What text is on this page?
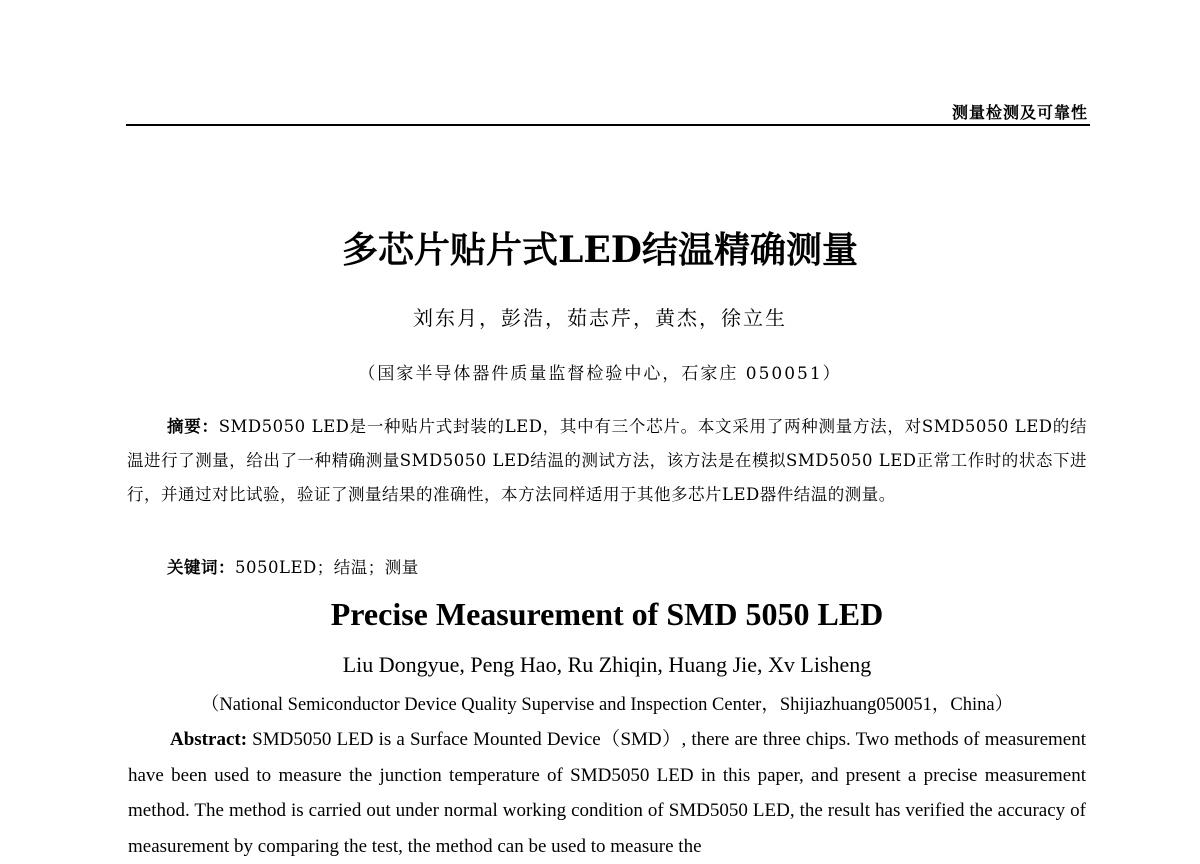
测量检测及可靠性
多芯片贴片式LED结温精确测量
刘东月，彭浩，茹志芹，黄杰，徐立生
（国家半导体器件质量监督检验中心，石家庄 050051）
摘要：SMD5050 LED是一种贴片式封装的LED，其中有三个芯片。本文采用了两种测量方法，对SMD5050 LED的结温进行了测量，给出了一种精确测量SMD5050 LED结温的测试方法，该方法是在模拟SMD5050 LED正常工作时的状态下进行，并通过对比试验，验证了测量结果的准确性，本方法同样适用于其他多芯片LED器件结温的测量。
关键词：5050LED；结温；测量
Precise Measurement of SMD 5050 LED
Liu Dongyue, Peng Hao, Ru Zhiqin, Huang Jie, Xv Lisheng
（National Semiconductor Device Quality Supervise and Inspection Center，Shijiazhuang050051，China）
Abstract: SMD5050 LED is a Surface Mounted Device（SMD）, there are three chips. Two methods of measurement have been used to measure the junction temperature of SMD5050 LED in this paper, and present a precise measurement method. The method is carried out under normal working condition of SMD5050 LED, the result has verified the accuracy of measurement by comparing the test, the method can be used to measure the
